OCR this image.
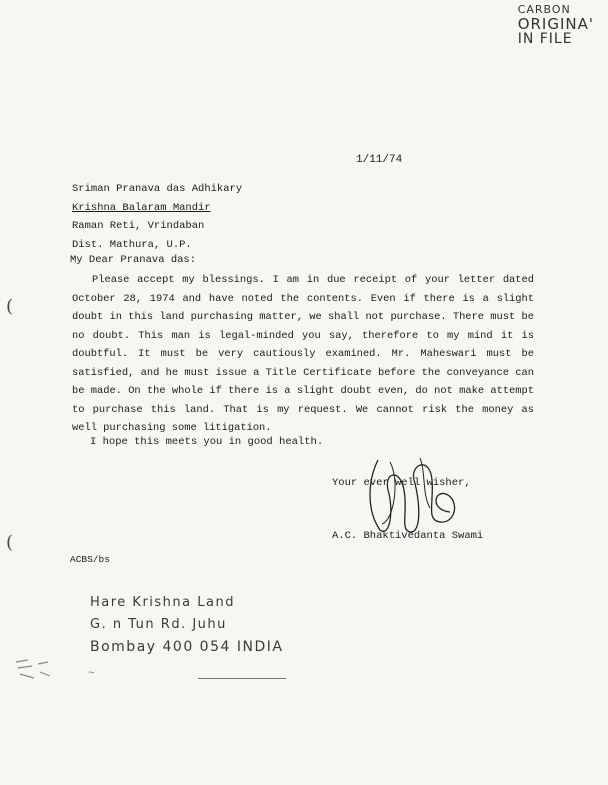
CARBON
ORIGINA'
IN FILE
1/11/74
Sriman Pranava das Adhikary
Krishna Balaram Mandir
Raman Reti, Vrindaban
Dist. Mathura, U.P.
My Dear Pranava das:

Please accept my blessings. I am in due receipt of your letter dated October 28, 1974 and have noted the contents. Even if there is a slight doubt in this land purchasing matter, we shall not purchase. There must be no doubt. This man is legal-minded you say, therefore to my mind it is doubtful. It must be very cautiously examined. Mr. Maheswari must be satisfied, and he must issue a Title Certificate before the conveyance can be made. On the whole if there is a slight doubt even, do not make attempt to purchase this land. That is my request. We cannot risk the money as well purchasing some litigation.

I hope this meets you in good health.
Your ever well wisher,
A.C. Bhaktivedanta Swami
ACBS/bs
Hare Krishna Land
G. n Tun Rd. Juhu
Bombay 400 054 INDIA
(
(
~
